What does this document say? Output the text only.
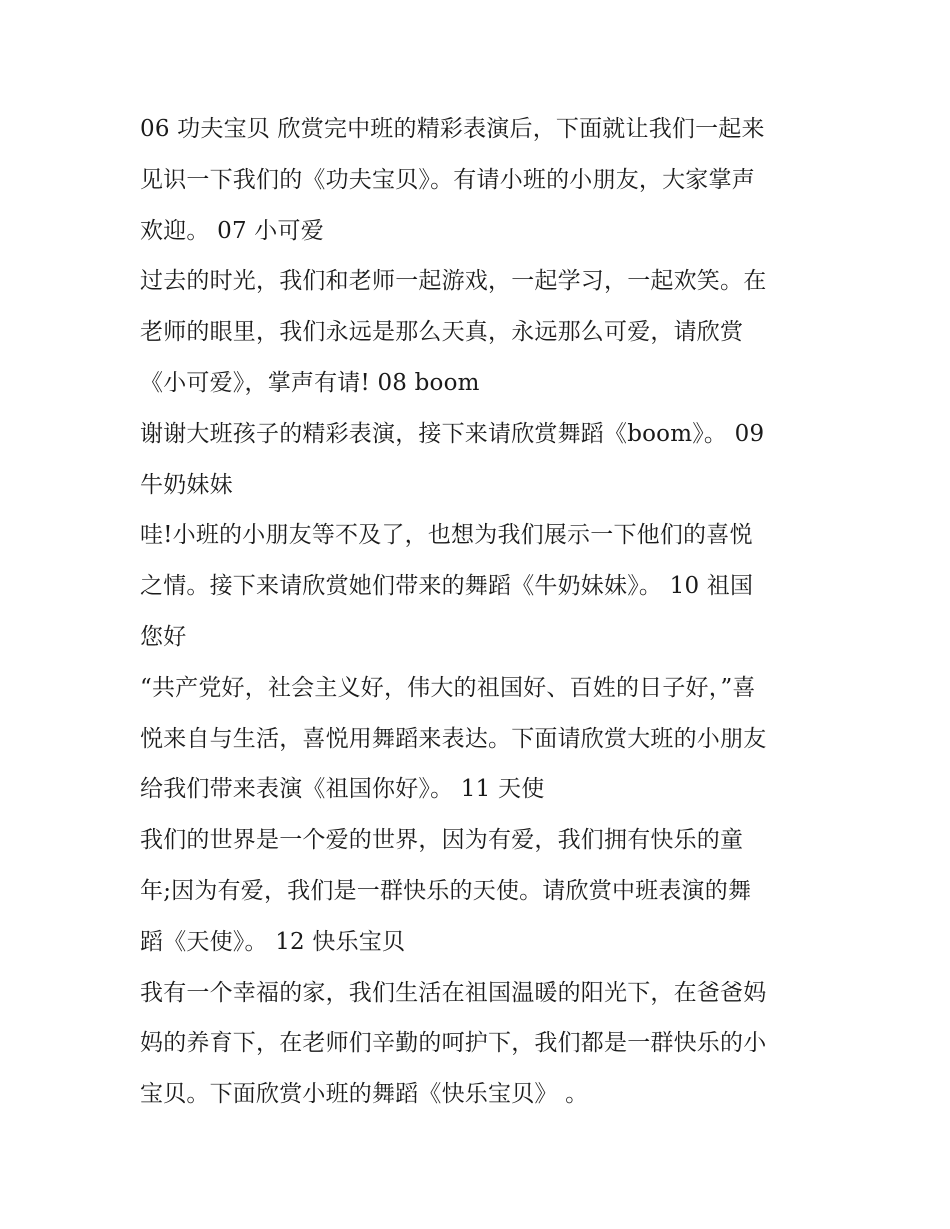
06 功夫宝贝 欣赏完中班的精彩表演后，下面就让我们一起来
见识一下我们的《功夫宝贝》。有请小班的小朋友，大家掌声
欢迎。 07 小可爱
过去的时光，我们和老师一起游戏，一起学习，一起欢笑。在
老师的眼里，我们永远是那么天真，永远那么可爱，请欣赏
《小可爱》，掌声有请! 08 boom
谢谢大班孩子的精彩表演，接下来请欣赏舞蹈《boom》。 09
牛奶妹妹
哇!小班的小朋友等不及了，也想为我们展示一下他们的喜悦
之情。接下来请欣赏她们带来的舞蹈《牛奶妹妹》。 10 祖国
您好
“共产党好，社会主义好，伟大的祖国好、百姓的日子好，”喜
悦来自与生活，喜悦用舞蹈来表达。下面请欣赏大班的小朋友
给我们带来表演《祖国你好》。 11 天使
我们的世界是一个爱的世界，因为有爱，我们拥有快乐的童
年;因为有爱，我们是一群快乐的天使。请欣赏中班表演的舞
蹈《天使》。 12 快乐宝贝
我有一个幸福的家，我们生活在祖国温暖的阳光下，在爸爸妈
妈的养育下，在老师们辛勤的呵护下，我们都是一群快乐的小
宝贝。下面欣赏小班的舞蹈《快乐宝贝》 。
